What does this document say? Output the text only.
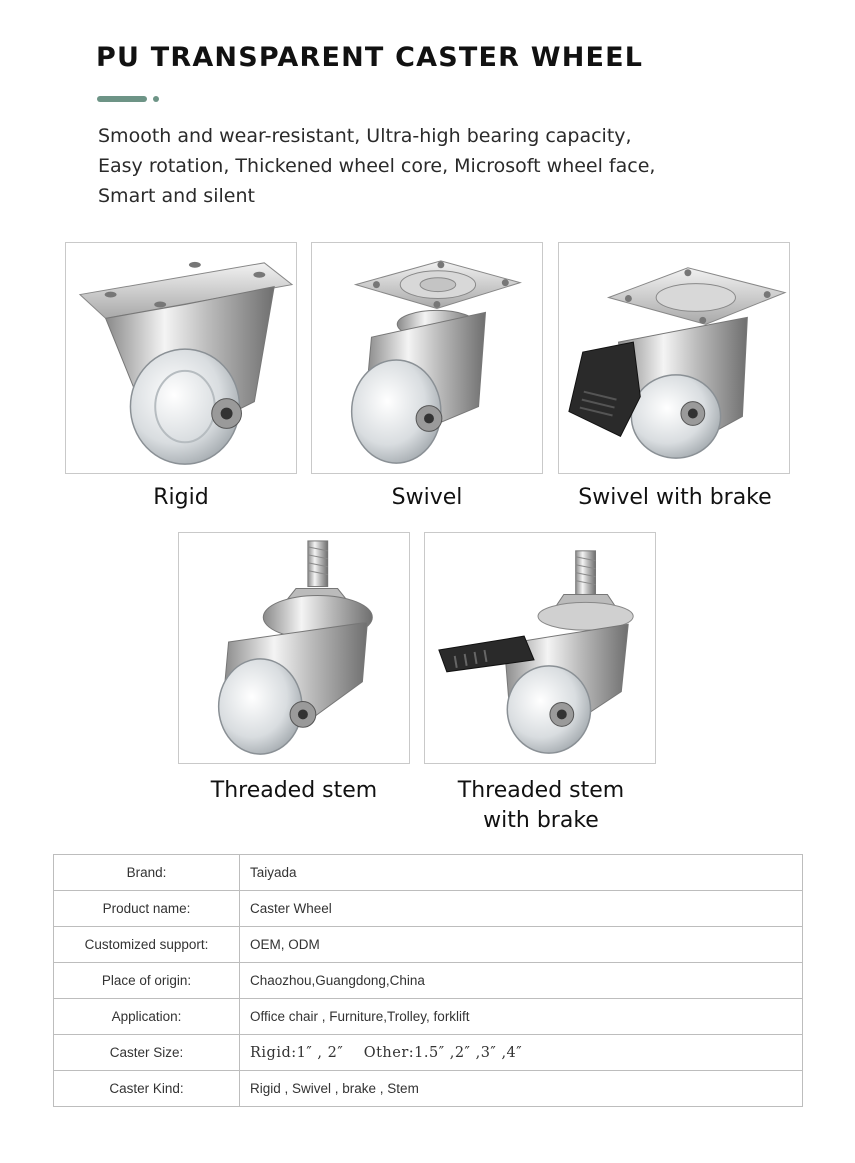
PU TRANSPARENT CASTER WHEEL
Smooth and wear-resistant, Ultra-high bearing capacity,
Easy rotation, Thickened wheel core, Microsoft wheel face,
Smart and silent
Rigid	Swivel	Swivel with brake
Threaded stem	Threaded stem
with brake
Brand:	Taiyada
Product name:	Caster Wheel
Customized support:	OEM, ODM
Place of origin:	Chaozhou,Guangdong,China
Application:	Office chair , Furniture,Trolley, forklift
Caster Size:	Rigid:1″ , 2″    Other:1.5″ ,2″ ,3″ ,4″
Caster Kind:	Rigid , Swivel , brake , Stem
